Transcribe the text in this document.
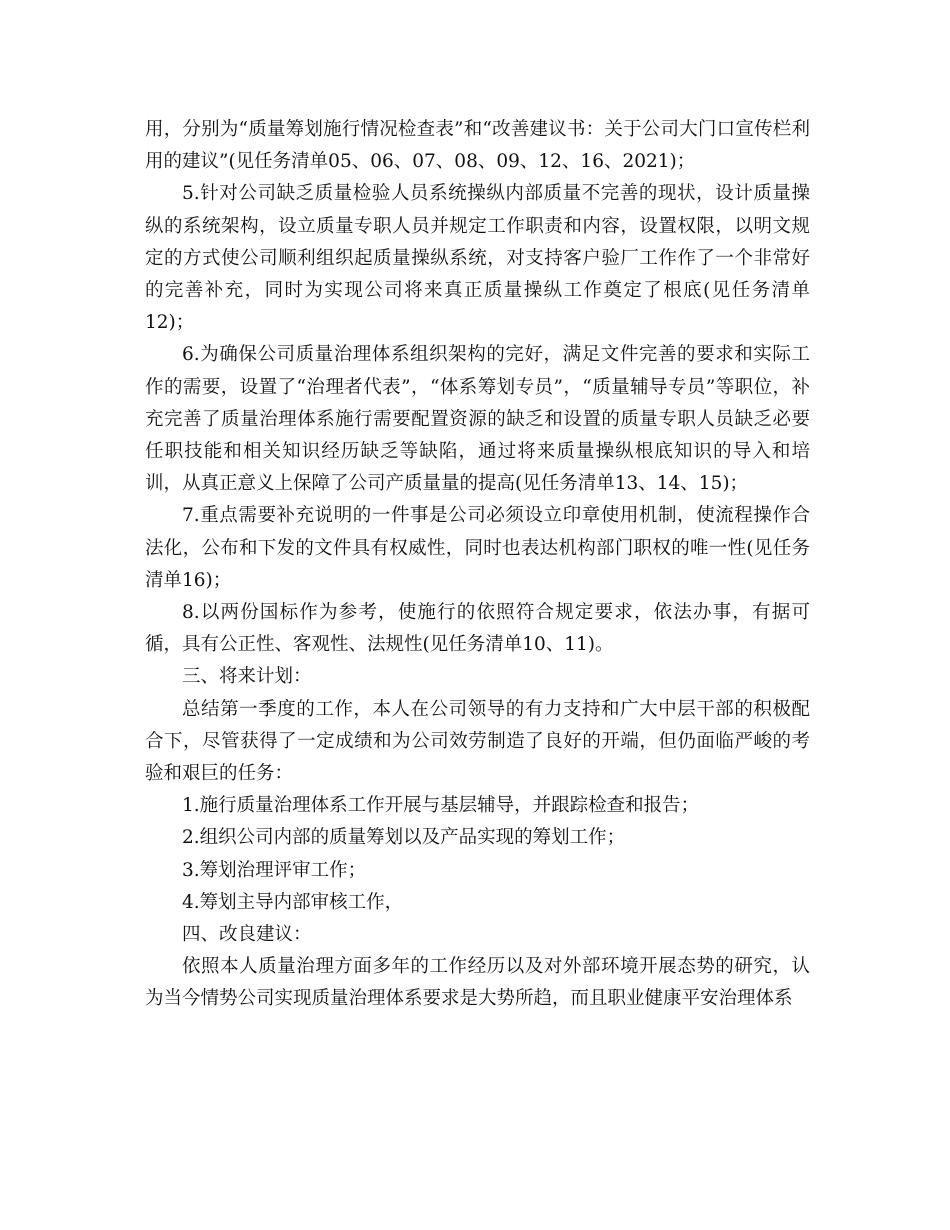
用，分别为“质量筹划施行情况检查表”和“改善建议书：关于公司大门口宣传栏利用的建议”(见任务清单05、06、07、08、09、12、16、2021)；

5.针对公司缺乏质量检验人员系统操纵内部质量不完善的现状，设计质量操纵的系统架构，设立质量专职人员并规定工作职责和内容，设置权限，以明文规定的方式使公司顺利组织起质量操纵系统，对支持客户验厂工作作了一个非常好的完善补充，同时为实现公司将来真正质量操纵工作奠定了根底(见任务清单12)；

6.为确保公司质量治理体系组织架构的完好，满足文件完善的要求和实际工作的需要，设置了“治理者代表”，“体系筹划专员”，“质量辅导专员”等职位，补充完善了质量治理体系施行需要配置资源的缺乏和设置的质量专职人员缺乏必要任职技能和相关知识经历缺乏等缺陷，通过将来质量操纵根底知识的导入和培训，从真正意义上保障了公司产质量量的提高(见任务清单13、14、15)；

7.重点需要补充说明的一件事是公司必须设立印章使用机制，使流程操作合法化，公布和下发的文件具有权威性，同时也表达机构部门职权的唯一性(见任务清单16)；

8.以两份国标作为参考，使施行的依照符合规定要求，依法办事，有据可循，具有公正性、客观性、法规性(见任务清单10、11)。

三、将来计划：

总结第一季度的工作，本人在公司领导的有力支持和广大中层干部的积极配合下，尽管获得了一定成绩和为公司效劳制造了良好的开端，但仍面临严峻的考验和艰巨的任务：

1.施行质量治理体系工作开展与基层辅导，并跟踪检查和报告；

2.组织公司内部的质量筹划以及产品实现的筹划工作；

3.筹划治理评审工作；

4.筹划主导内部审核工作，

四、改良建议：

依照本人质量治理方面多年的工作经历以及对外部环境开展态势的研究，认为当今情势公司实现质量治理体系要求是大势所趋，而且职业健康平安治理体系
